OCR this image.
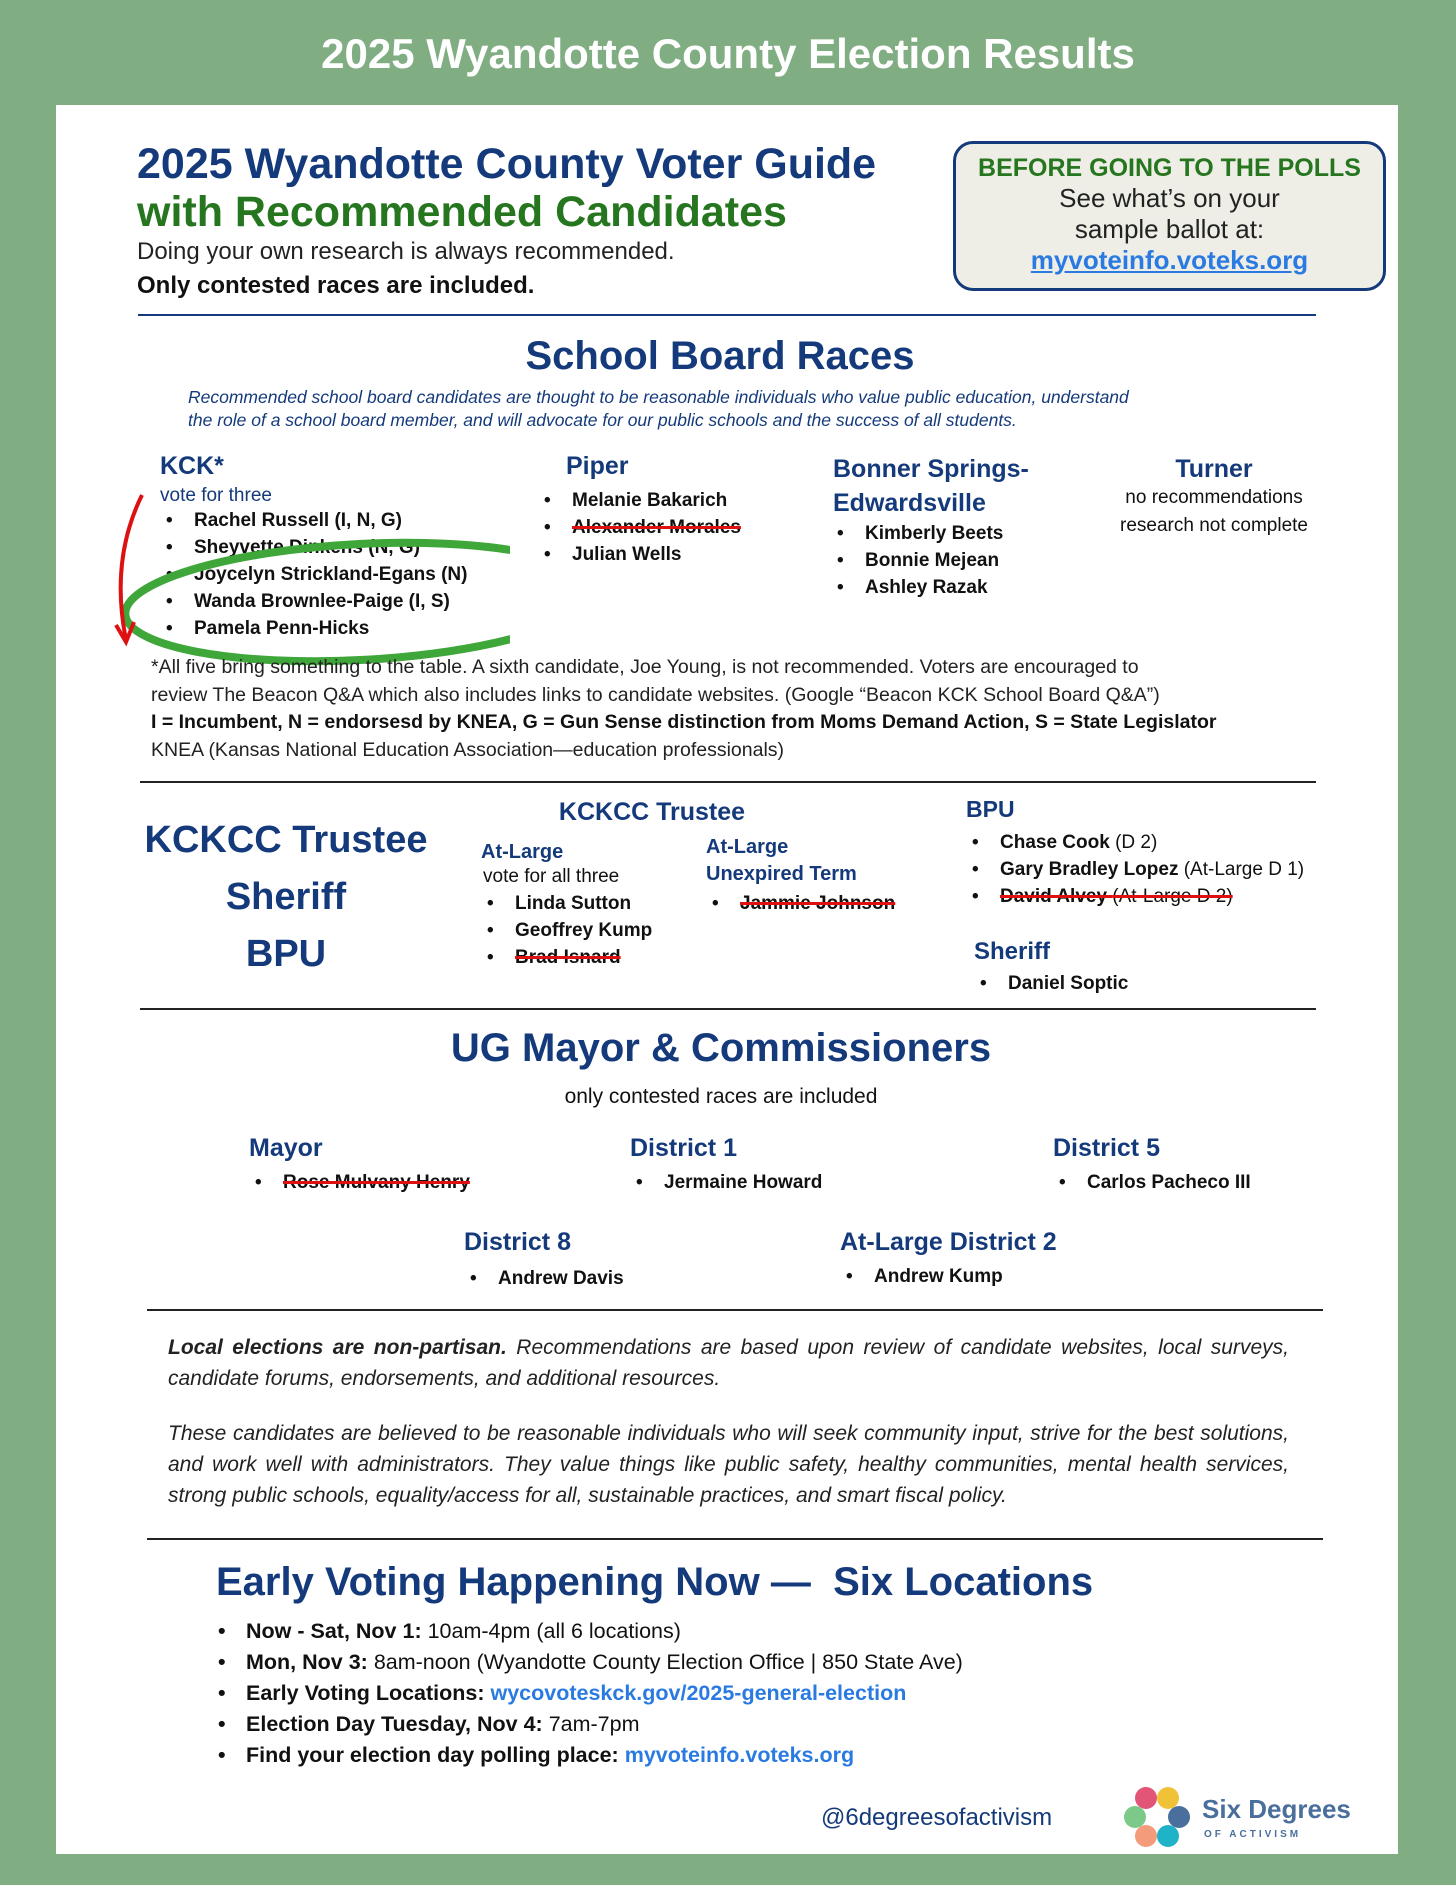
2025 Wyandotte County Election Results
2025 Wyandotte County Voter Guide
with Recommended Candidates
Doing your own research is always recommended.
Only contested races are included.
BEFORE GOING TO THE POLLS
See what’s on your
sample ballot at:
myvoteinfo.voteks.org
School Board Races
Recommended school board candidates are thought to be reasonable individuals who value public education, understand
the role of a school board member, and will advocate for our public schools and the success of all students.
KCK*
vote for three
• Rachel Russell (I, N, G)
• Sheyvette Dinkens (N, G)
• Joycelyn Strickland-Egans (N)
• Wanda Brownlee-Paige (I, S)
• Pamela Penn-Hicks
Piper
• Melanie Bakarich
• Alexander Morales
• Julian Wells
Bonner Springs-
Edwardsville
• Kimberly Beets
• Bonnie Mejean
• Ashley Razak
Turner
no recommendations
research not complete
*All five bring something to the table. A sixth candidate, Joe Young, is not recommended. Voters are encouraged to
review The Beacon Q&A which also includes links to candidate websites. (Google “Beacon KCK School Board Q&A”)
I = Incumbent, N = endorsesd by KNEA, G = Gun Sense distinction from Moms Demand Action, S = State Legislator
KNEA (Kansas National Education Association—education professionals)
KCKCC Trustee
Sheriff
BPU
KCKCC Trustee
At-Large
vote for all three
• Linda Sutton
• Geoffrey Kump
• Brad Isnard
At-Large
Unexpired Term
• Jammie Johnson
BPU
• Chase Cook (D 2)
• Gary Bradley Lopez (At-Large D 1)
• David Alvey (At-Large D 2)
Sheriff
• Daniel Soptic
UG Mayor & Commissioners
only contested races are included
Mayor
• Rose Mulvany Henry
District 1
• Jermaine Howard
District 5
• Carlos Pacheco III
District 8
• Andrew Davis
At-Large District 2
• Andrew Kump
Local elections are non-partisan. Recommendations are based upon review of candidate websites, local surveys, candidate forums, endorsements, and additional resources.
These candidates are believed to be reasonable individuals who will seek community input, strive for the best solutions, and work well with administrators. They value things like public safety, healthy communities, mental health services, strong public schools, equality/access for all, sustainable practices, and smart fiscal policy.
Early Voting Happening Now —  Six Locations
• Now - Sat, Nov 1: 10am-4pm (all 6 locations)
• Mon, Nov 3: 8am-noon (Wyandotte County Election Office | 850 State Ave)
• Early Voting Locations: wycovoteskck.gov/2025-general-election
• Election Day Tuesday, Nov 4: 7am-7pm
• Find your election day polling place: myvoteinfo.voteks.org
@6degreesofactivism	Six Degrees
OF ACTIVISM
